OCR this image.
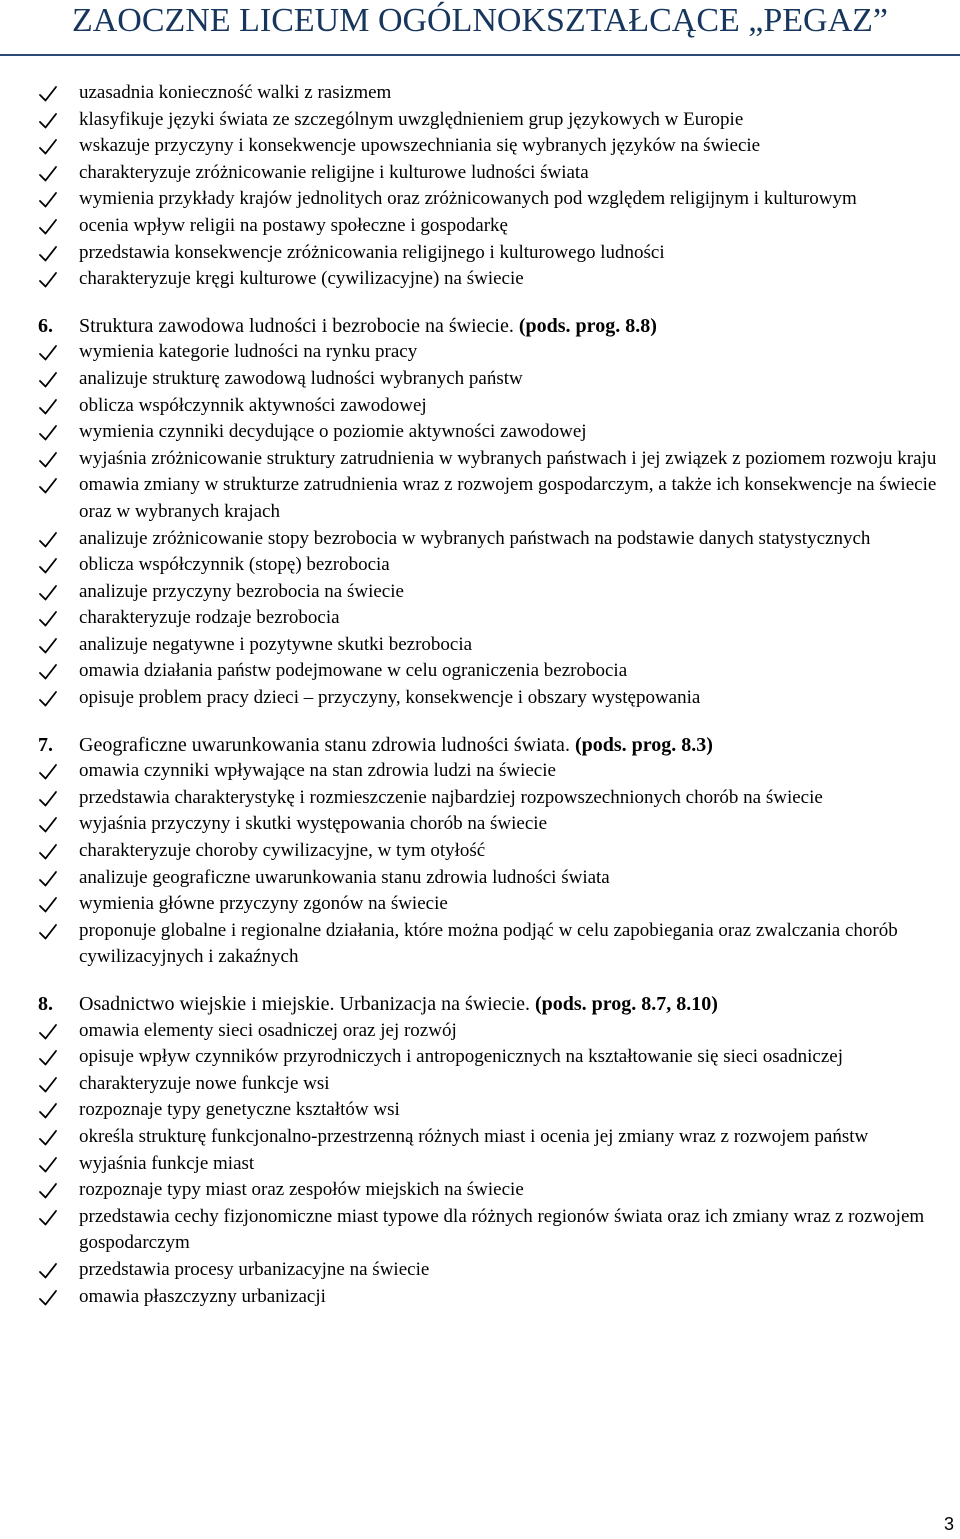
ZAOCZNE LICEUM OGÓLNOKSZTAŁCĄCE „PEGAZ”
uzasadnia konieczność walki z rasizmem
klasyfikuje języki świata ze szczególnym uwzględnieniem grup językowych w Europie
wskazuje przyczyny i konsekwencje upowszechniania się wybranych języków na świecie
charakteryzuje zróżnicowanie religijne i kulturowe ludności świata
wymienia przykłady krajów jednolitych oraz zróżnicowanych pod względem religijnym i kulturowym
ocenia wpływ religii na postawy społeczne i gospodarkę
przedstawia konsekwencje zróżnicowania religijnego i kulturowego ludności
charakteryzuje kręgi kulturowe (cywilizacyjne) na świecie
6. Struktura zawodowa ludności i bezrobocie na świecie. (pods. prog. 8.8)
wymienia kategorie ludności na rynku pracy
analizuje strukturę zawodową ludności wybranych państw
oblicza współczynnik aktywności zawodowej
wymienia czynniki decydujące o poziomie aktywności zawodowej
wyjaśnia zróżnicowanie struktury zatrudnienia w wybranych państwach i jej związek z poziomem rozwoju kraju
omawia zmiany w strukturze zatrudnienia wraz z rozwojem gospodarczym, a także ich konsekwencje na świecie oraz w wybranych krajach
analizuje zróżnicowanie stopy bezrobocia w wybranych państwach na podstawie danych statystycznych
oblicza współczynnik (stopę) bezrobocia
analizuje przyczyny bezrobocia na świecie
charakteryzuje rodzaje bezrobocia
analizuje negatywne i pozytywne skutki bezrobocia
omawia działania państw podejmowane w celu ograniczenia bezrobocia
opisuje problem pracy dzieci – przyczyny, konsekwencje i obszary występowania
7. Geograficzne uwarunkowania stanu zdrowia ludności świata. (pods. prog. 8.3)
omawia czynniki wpływające na stan zdrowia ludzi na świecie
przedstawia charakterystykę i rozmieszczenie najbardziej rozpowszechnionych chorób na świecie
wyjaśnia przyczyny i skutki występowania chorób na świecie
charakteryzuje choroby cywilizacyjne, w tym otyłość
analizuje geograficzne uwarunkowania stanu zdrowia ludności świata
wymienia główne przyczyny zgonów na świecie
proponuje globalne i regionalne działania, które można podjąć w celu zapobiegania oraz zwalczania chorób cywilizacyjnych i zakaźnych
8. Osadnictwo wiejskie i miejskie. Urbanizacja na świecie. (pods. prog. 8.7, 8.10)
omawia elementy sieci osadniczej oraz jej rozwój
opisuje wpływ czynników przyrodniczych i antropogenicznych na kształtowanie się sieci osadniczej
charakteryzuje nowe funkcje wsi
rozpoznaje typy genetyczne kształtów wsi
określa strukturę funkcjonalno-przestrzenną różnych miast i ocenia jej zmiany wraz z rozwojem państw
wyjaśnia funkcje miast
rozpoznaje typy miast oraz zespołów miejskich na świecie
przedstawia cechy fizjonomiczne miast typowe dla różnych regionów świata oraz ich zmiany wraz z rozwojem gospodarczym
przedstawia procesy urbanizacyjne na świecie
omawia płaszczyzny urbanizacji
3
